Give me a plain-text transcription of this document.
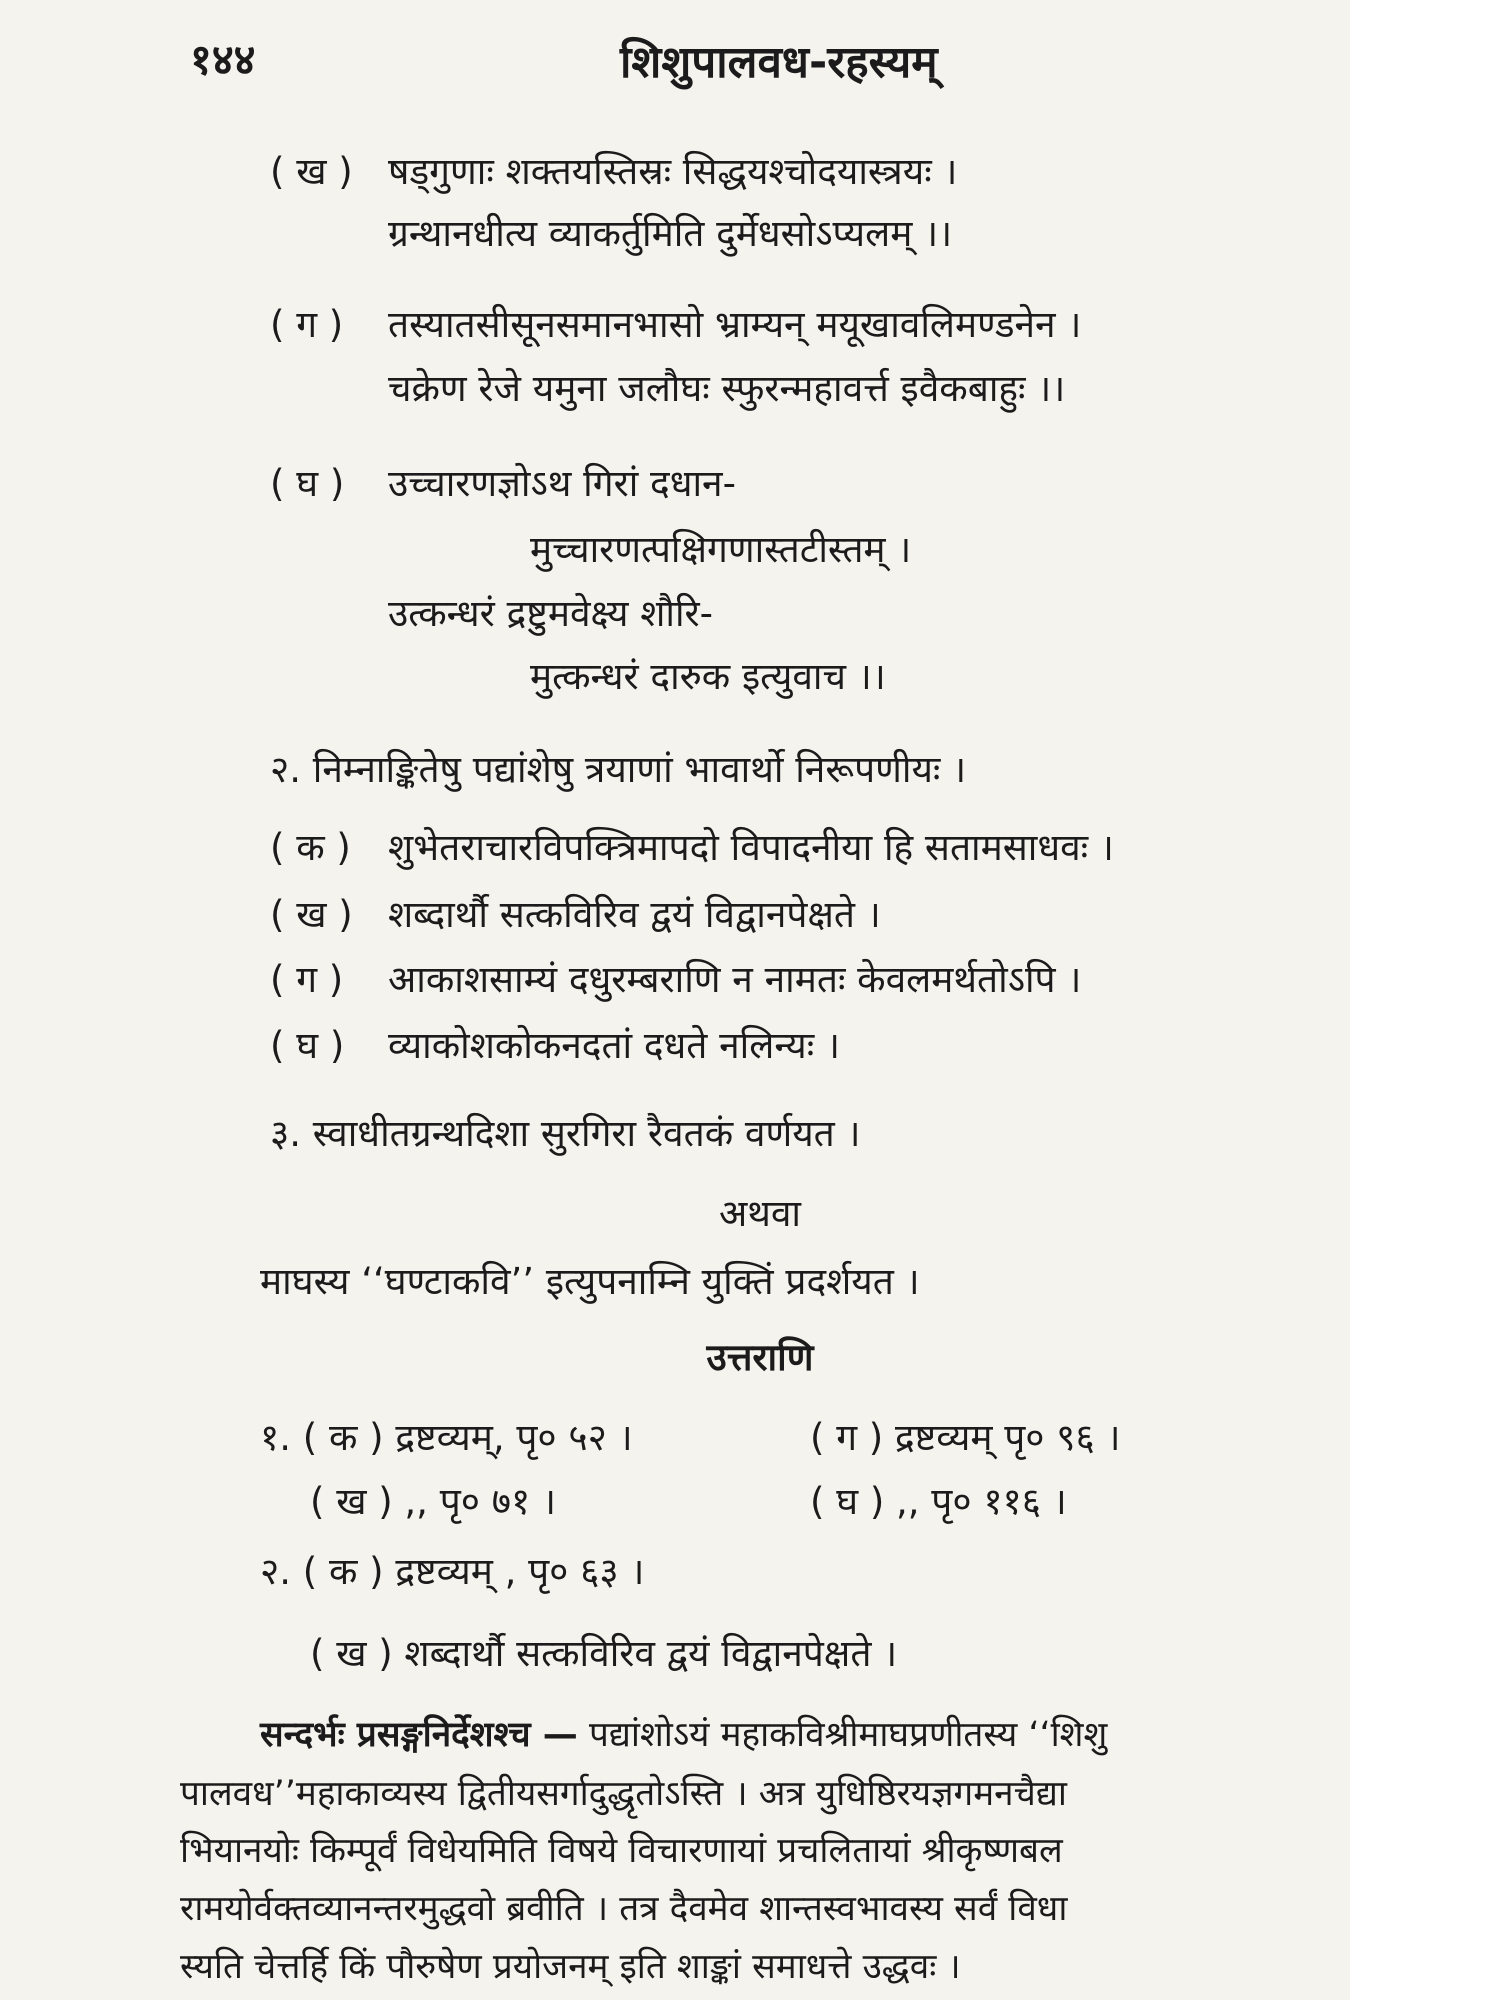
१४४	शिशुपालवध-रहस्यम्
( ख ) षड्गुणाः शक्तयस्तिस्रः सिद्धयश्चोदयास्त्रयः ।
ग्रन्थानधीत्य व्याकर्तुमिति दुर्मेधसोऽप्यलम् ।।
( ग ) तस्यातसीसूनसमानभासो भ्राम्यन् मयूखावलिमण्डनेन ।
चक्रेण रेजे यमुना जलौघः स्फुरन्महावर्त्त इवैकबाहुः ।।
( घ ) उच्चारणज्ञोऽथ गिरां दधान-
मुच्चारणत्पक्षिगणास्तटीस्तम् ।
उत्कन्धरं द्रष्टुमवेक्ष्य शौरि-
मुत्कन्धरं दारुक इत्युवाच ।।
२. निम्नाङ्कितेषु पद्यांशेषु त्रयाणां भावार्थो निरूपणीयः ।
( क ) शुभेतराचारविपक्त्रिमापदो विपादनीया हि सतामसाधवः ।
( ख ) शब्दार्थौ सत्कविरिव द्वयं विद्वानपेक्षते ।
( ग ) आकाशसाम्यं दधुरम्बराणि न नामतः केवलमर्थतोऽपि ।
( घ ) व्याकोशकोकनदतां दधते नलिन्यः ।
३. स्वाधीतग्रन्थदिशा सुरगिरा रैवतकं वर्णयत ।
अथवा
माघस्य ‘‘घण्टाकवि’’ इत्युपनाम्नि युक्तिं प्रदर्शयत ।
उत्तराणि
१. ( क ) द्रष्टव्यम्, पृ० ५२ ।	( ग ) द्रष्टव्यम् पृ० ९६ ।
( ख ) ,, पृ० ७१ ।	( घ ) ,, पृ० ११६ ।
२. ( क ) द्रष्टव्यम् , पृ० ६३ ।
( ख ) शब्दार्थौ सत्कविरिव द्वयं विद्वानपेक्षते ।
सन्दर्भः प्रसङ्गनिर्देशश्च — पद्यांशोऽयं महाकविश्रीमाघप्रणीतस्य ‘‘शिशु
पालवध’’महाकाव्यस्य द्वितीयसर्गादुद्धृतोऽस्ति । अत्र युधिष्ठिरयज्ञगमनचैद्या
भियानयोः किम्पूर्वं विधेयमिति विषये विचारणायां प्रचलितायां श्रीकृष्णबल
रामयोर्वक्तव्यानन्तरमुद्धवो ब्रवीति । तत्र दैवमेव शान्तस्वभावस्य सर्वं विधा
स्यति चेत्तर्हि किं पौरुषेण प्रयोजनम् इति शाङ्कां समाधत्ते उद्धवः ।
